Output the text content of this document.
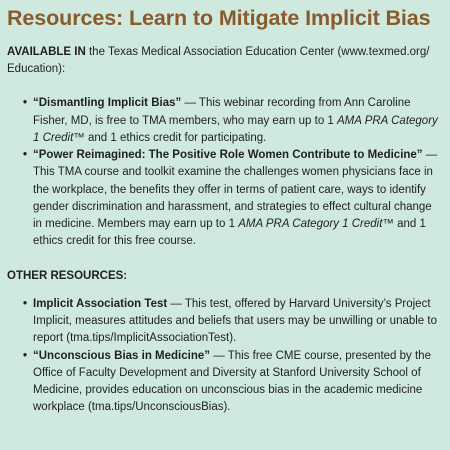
Resources: Learn to Mitigate Implicit Bias

AVAILABLE IN the Texas Medical Association Education Center (www.texmed.org/ Education):

• “Dismantling Implicit Bias” — This webinar recording from Ann Caroline Fisher, MD, is free to TMA members, who may earn up to 1 AMA PRA Category 1 Credit™ and 1 ethics credit for participating.
• “Power Reimagined: The Positive Role Women Contribute to Medicine” — This TMA course and toolkit examine the challenges women physicians face in the workplace, the benefits they offer in terms of patient care, ways to identify gender discrimination and harassment, and strategies to effect cultural change in medicine. Members may earn up to 1 AMA PRA Category 1 Credit™ and 1 ethics credit for this free course.
OTHER RESOURCES:
• Implicit Association Test — This test, offered by Harvard University’s Project Implicit, measures attitudes and beliefs that users may be unwilling or unable to report (tma.tips/ImplicitAssociationTest).
• “Unconscious Bias in Medicine” — This free CME course, presented by the Office of Faculty Development and Diversity at Stanford University School of Medicine, provides education on unconscious bias in the academic medicine workplace (tma.tips/UnconsciousBias).
